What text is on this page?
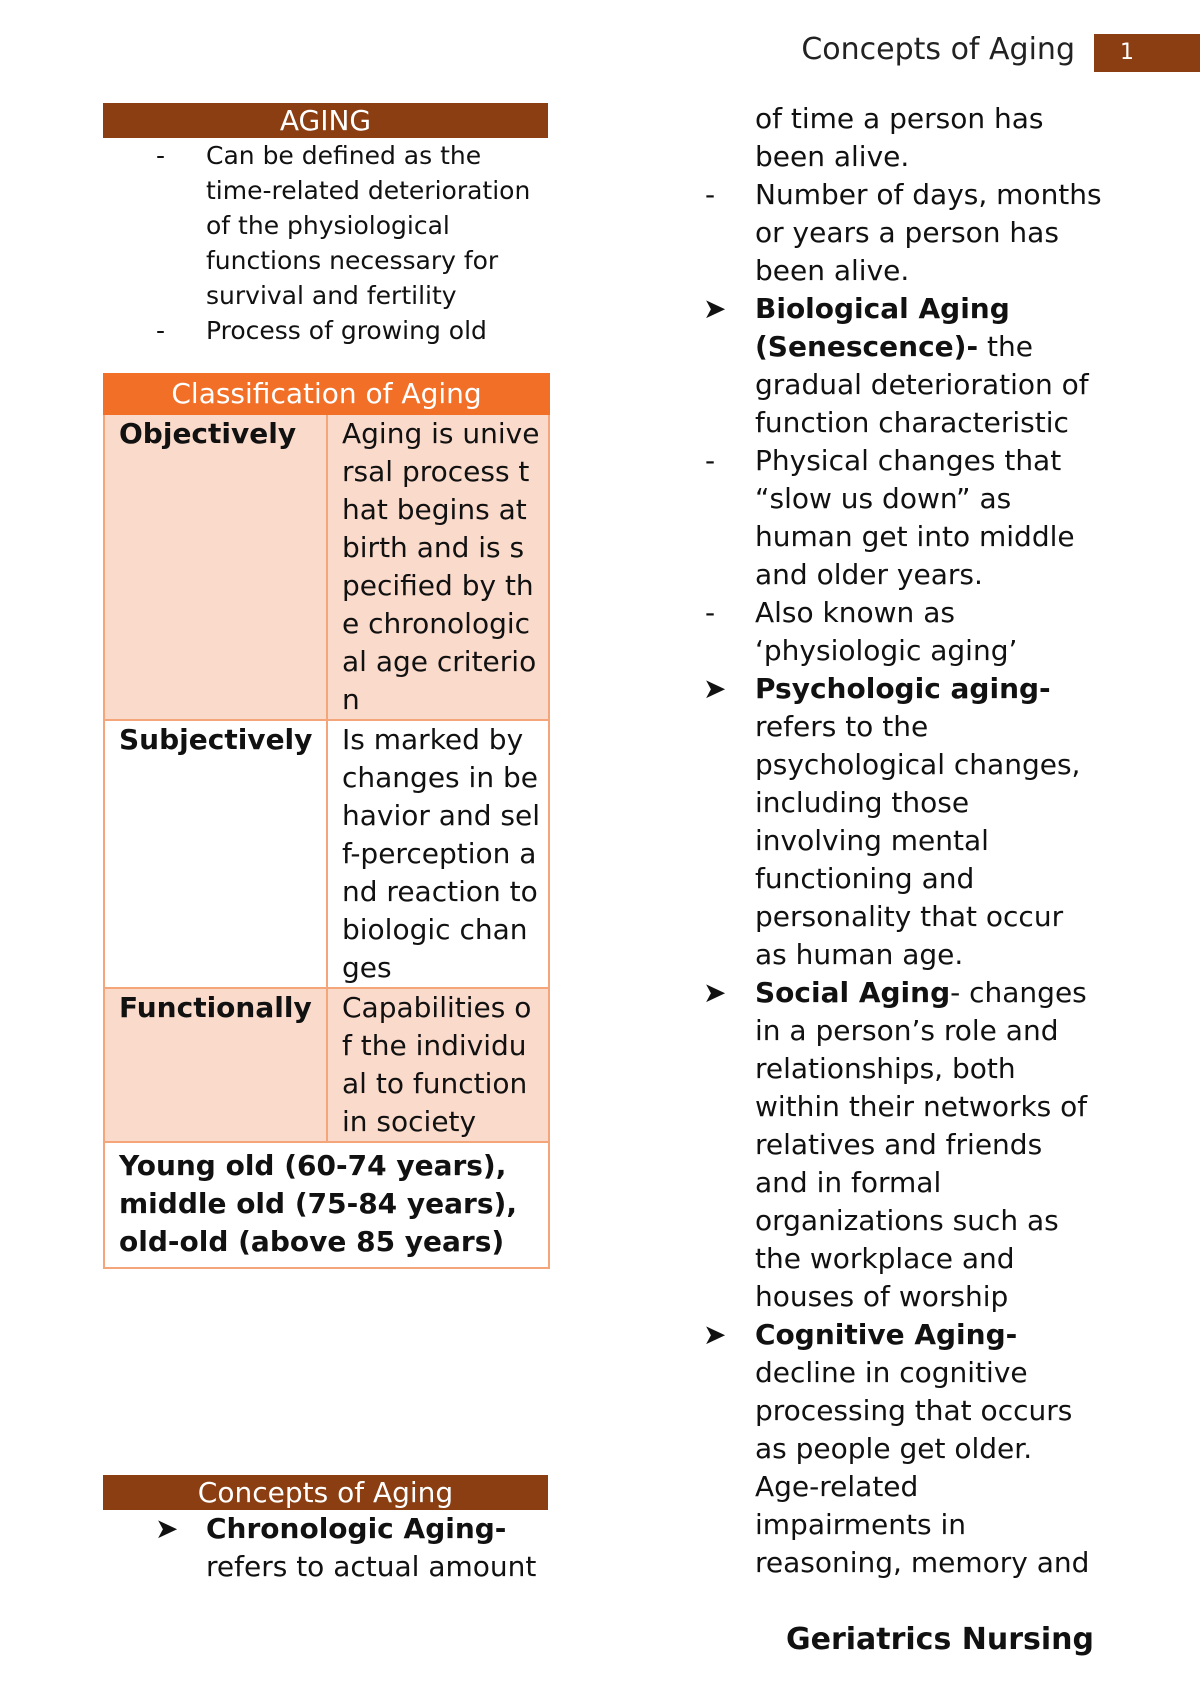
Concepts of Aging	1
AGING
- Can be defined as the time-related deterioration of the physiological functions necessary for survival and fertility
- Process of growing old
Classification of Aging	
Objectively	Aging is universal process that begins at birth and is specified by the chronological age criterion
Subjectively	Is marked by changes in behavior and self-perception and reaction to biologic changes
Functionally	Capabilities of the individual to function in society
Young old (60-74 years), middle old (75-84 years), old-old (above 85 years)	
Concepts of Aging
➤ Chronologic Aging-
refers to actual amount

of time a person has been alive.

- Number of days, months or years a person has been alive.
➤ Biological Aging (Senescence)- the gradual deterioration of function characteristic
- Physical changes that “slow us down” as human get into middle and older years.
- Also known as ‘physiologic aging’
➤ Psychologic aging- refers to the psychological changes, including those involving mental functioning and personality that occur as human age.
➤ Social Aging- changes in a person’s role and relationships, both within their networks of relatives and friends and in formal organizations such as the workplace and houses of worship
➤ Cognitive Aging- decline in cognitive processing that occurs as people get older. Age-related impairments in reasoning, memory and
Geriatrics Nursing
